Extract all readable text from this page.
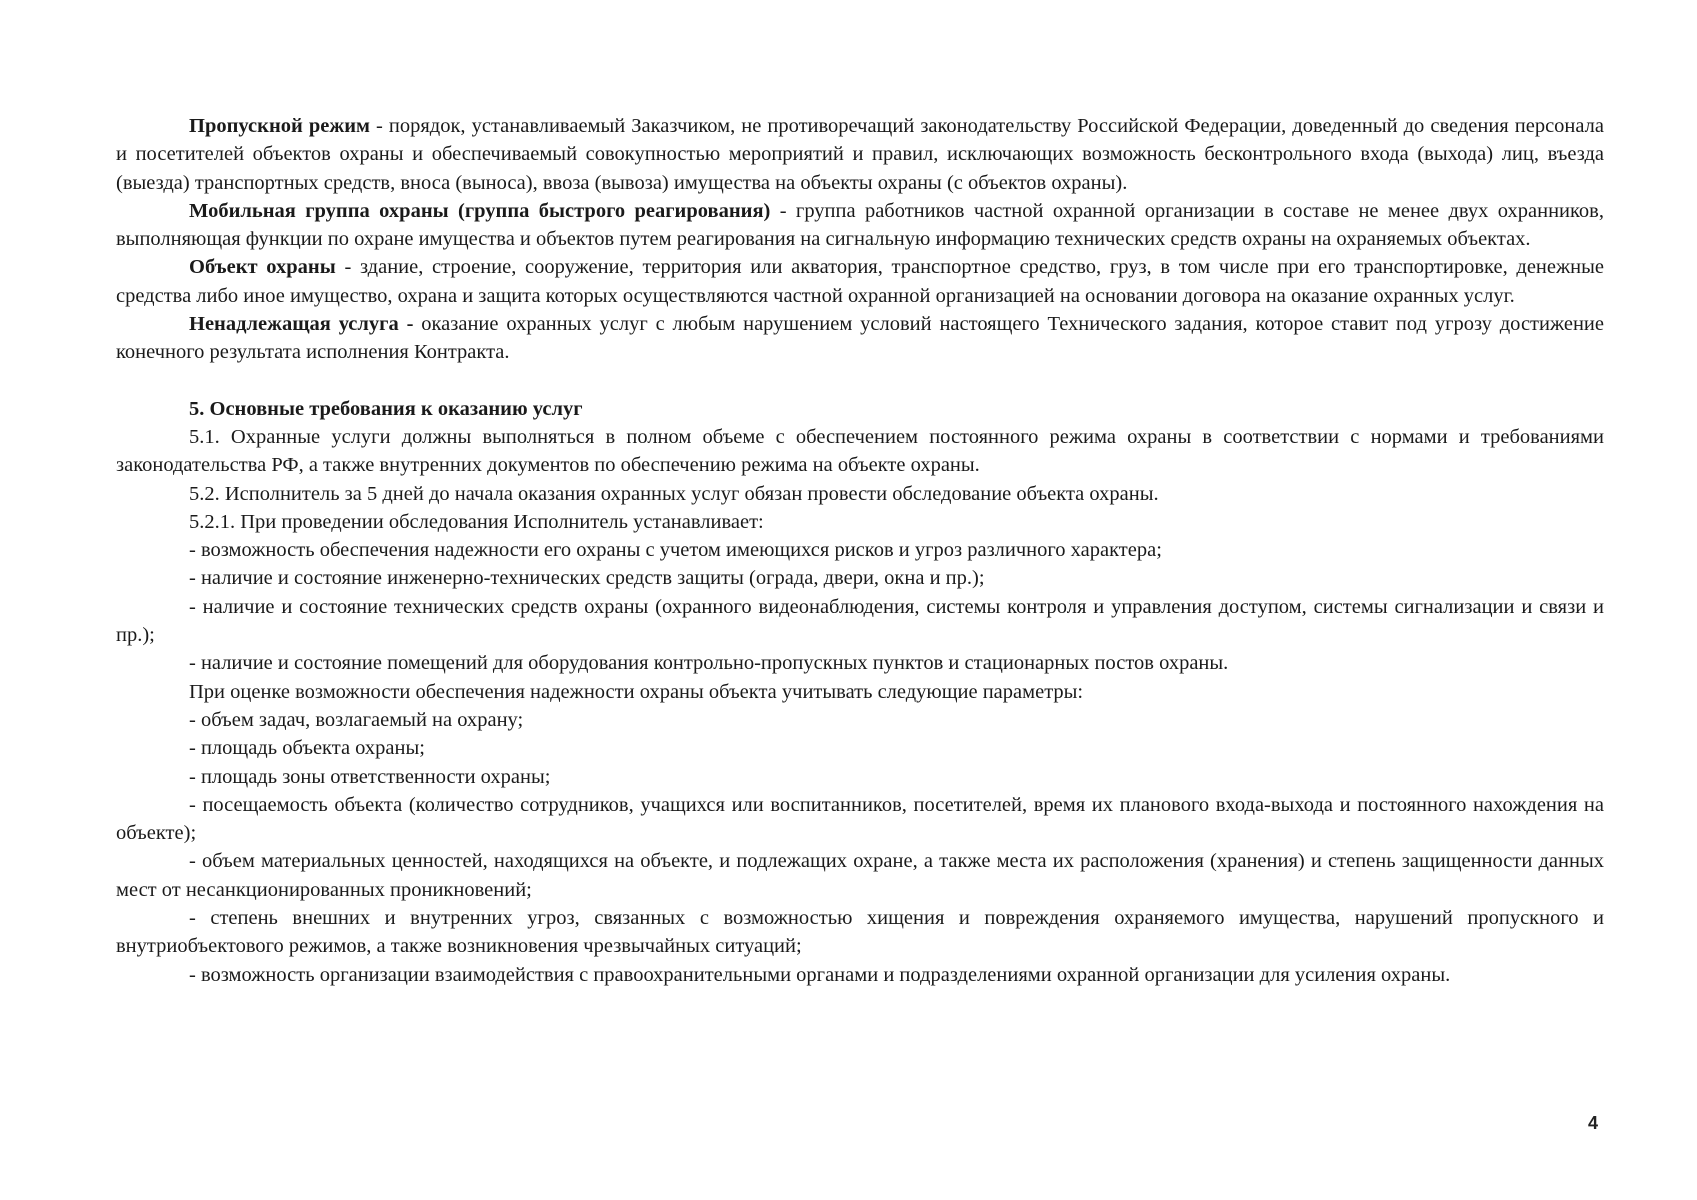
Пропускной режим - порядок, устанавливаемый Заказчиком, не противоречащий законодательству Российской Федерации, доведенный до сведения персонала и посетителей объектов охраны и обеспечиваемый совокупностью мероприятий и правил, исключающих возможность бесконтрольного входа (выхода) лиц, въезда (выезда) транспортных средств, вноса (выноса), ввоза (вывоза) имущества на объекты охраны (с объектов охраны).

Мобильная группа охраны (группа быстрого реагирования) - группа работников частной охранной организации в составе не менее двух охранников, выполняющая функции по охране имущества и объектов путем реагирования на сигнальную информацию технических средств охраны на охраняемых объектах.

Объект охраны - здание, строение, сооружение, территория или акватория, транспортное средство, груз, в том числе при его транспортировке, денежные средства либо иное имущество, охрана и защита которых осуществляются частной охранной организацией на основании договора на оказание охранных услуг.

Ненадлежащая услуга - оказание охранных услуг с любым нарушением условий настоящего Технического задания, которое ставит под угрозу достижение конечного результата исполнения Контракта.

5. Основные требования к оказанию услуг

5.1. Охранные услуги должны выполняться в полном объеме с обеспечением постоянного режима охраны в соответствии с нормами и требованиями законодательства РФ, а также внутренних документов по обеспечению режима на объекте охраны.

5.2. Исполнитель за 5 дней до начала оказания охранных услуг обязан провести обследование объекта охраны.

5.2.1. При проведении обследования Исполнитель устанавливает:

- возможность обеспечения надежности его охраны с учетом имеющихся рисков и угроз различного характера;

- наличие и состояние инженерно-технических средств защиты (ограда, двери, окна и пр.);

- наличие и состояние технических средств охраны (охранного видеонаблюдения, системы контроля и управления доступом, системы сигнализации и связи и пр.);

- наличие и состояние помещений для оборудования контрольно-пропускных пунктов и стационарных постов охраны.

При оценке возможности обеспечения надежности охраны объекта учитывать следующие параметры:

- объем задач, возлагаемый на охрану;

- площадь объекта охраны;

- площадь зоны ответственности охраны;

- посещаемость объекта (количество сотрудников, учащихся или воспитанников, посетителей, время их планового входа-выхода и постоянного нахождения на объекте);

- объем материальных ценностей, находящихся на объекте, и подлежащих охране, а также места их расположения (хранения) и степень защищенности данных мест от несанкционированных проникновений;

- степень внешних и внутренних угроз, связанных с возможностью хищения и повреждения охраняемого имущества, нарушений пропускного и внутриобъектового режимов, а также возникновения чрезвычайных ситуаций;

- возможность организации взаимодействия с правоохранительными органами и подразделениями охранной организации для усиления охраны.

4
